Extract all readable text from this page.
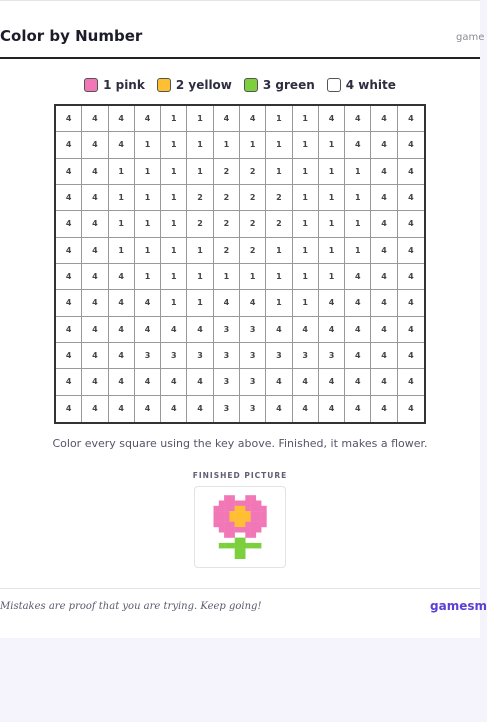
Color by Number	game
1 pink	2 yellow	3 green	4 white
4	4	4	4	1	1	4	4	1	1	4	4	4	4
4	4	4	1	1	1	1	1	1	1	1	4	4	4
4	4	1	1	1	1	2	2	1	1	1	1	4	4
4	4	1	1	1	2	2	2	2	1	1	1	4	4
4	4	1	1	1	2	2	2	2	1	1	1	4	4
4	4	1	1	1	1	2	2	1	1	1	1	4	4
4	4	4	1	1	1	1	1	1	1	1	4	4	4
4	4	4	4	1	1	4	4	1	1	4	4	4	4
4	4	4	4	4	4	3	3	4	4	4	4	4	4
4	4	4	3	3	3	3	3	3	3	3	4	4	4
4	4	4	4	4	4	3	3	4	4	4	4	4	4
4	4	4	4	4	4	3	3	4	4	4	4	4	4
Color every square using the key above. Finished, it makes a flower.
FINISHED PICTURE
Mistakes are proof that you are trying. Keep going!	gamesm
